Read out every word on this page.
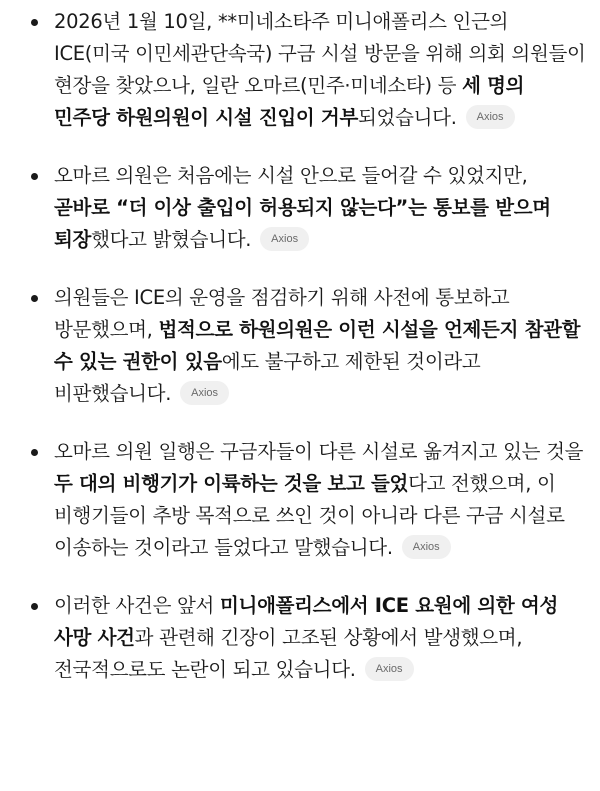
2026년 1월 10일, **미네소타주 미니애폴리스 인근의 ICE(미국 이민세관단속국) 구금 시설 방문을 위해 의회 의원들이 현장을 찾았으나, 일란 오마르(민주·미네소타) 등 세 명의 민주당 하원의원이 시설 진입이 거부되었습니다. Axios
오마르 의원은 처음에는 시설 안으로 들어갈 수 있었지만, 곧바로 “더 이상 출입이 허용되지 않는다”는 통보를 받으며 퇴장했다고 밝혔습니다. Axios
의원들은 ICE의 운영을 점검하기 위해 사전에 통보하고 방문했으며, 법적으로 하원의원은 이런 시설을 언제든지 참관할 수 있는 권한이 있음에도 불구하고 제한된 것이라고 비판했습니다. Axios
오마르 의원 일행은 구금자들이 다른 시설로 옮겨지고 있는 것을 두 대의 비행기가 이륙하는 것을 보고 들었다고 전했으며, 이 비행기들이 추방 목적으로 쓰인 것이 아니라 다른 구금 시설로 이송하는 것이라고 들었다고 말했습니다. Axios
이러한 사건은 앞서 미니애폴리스에서 ICE 요원에 의한 여성 사망 사건과 관련해 긴장이 고조된 상황에서 발생했으며, 전국적으로도 논란이 되고 있습니다. Axios
